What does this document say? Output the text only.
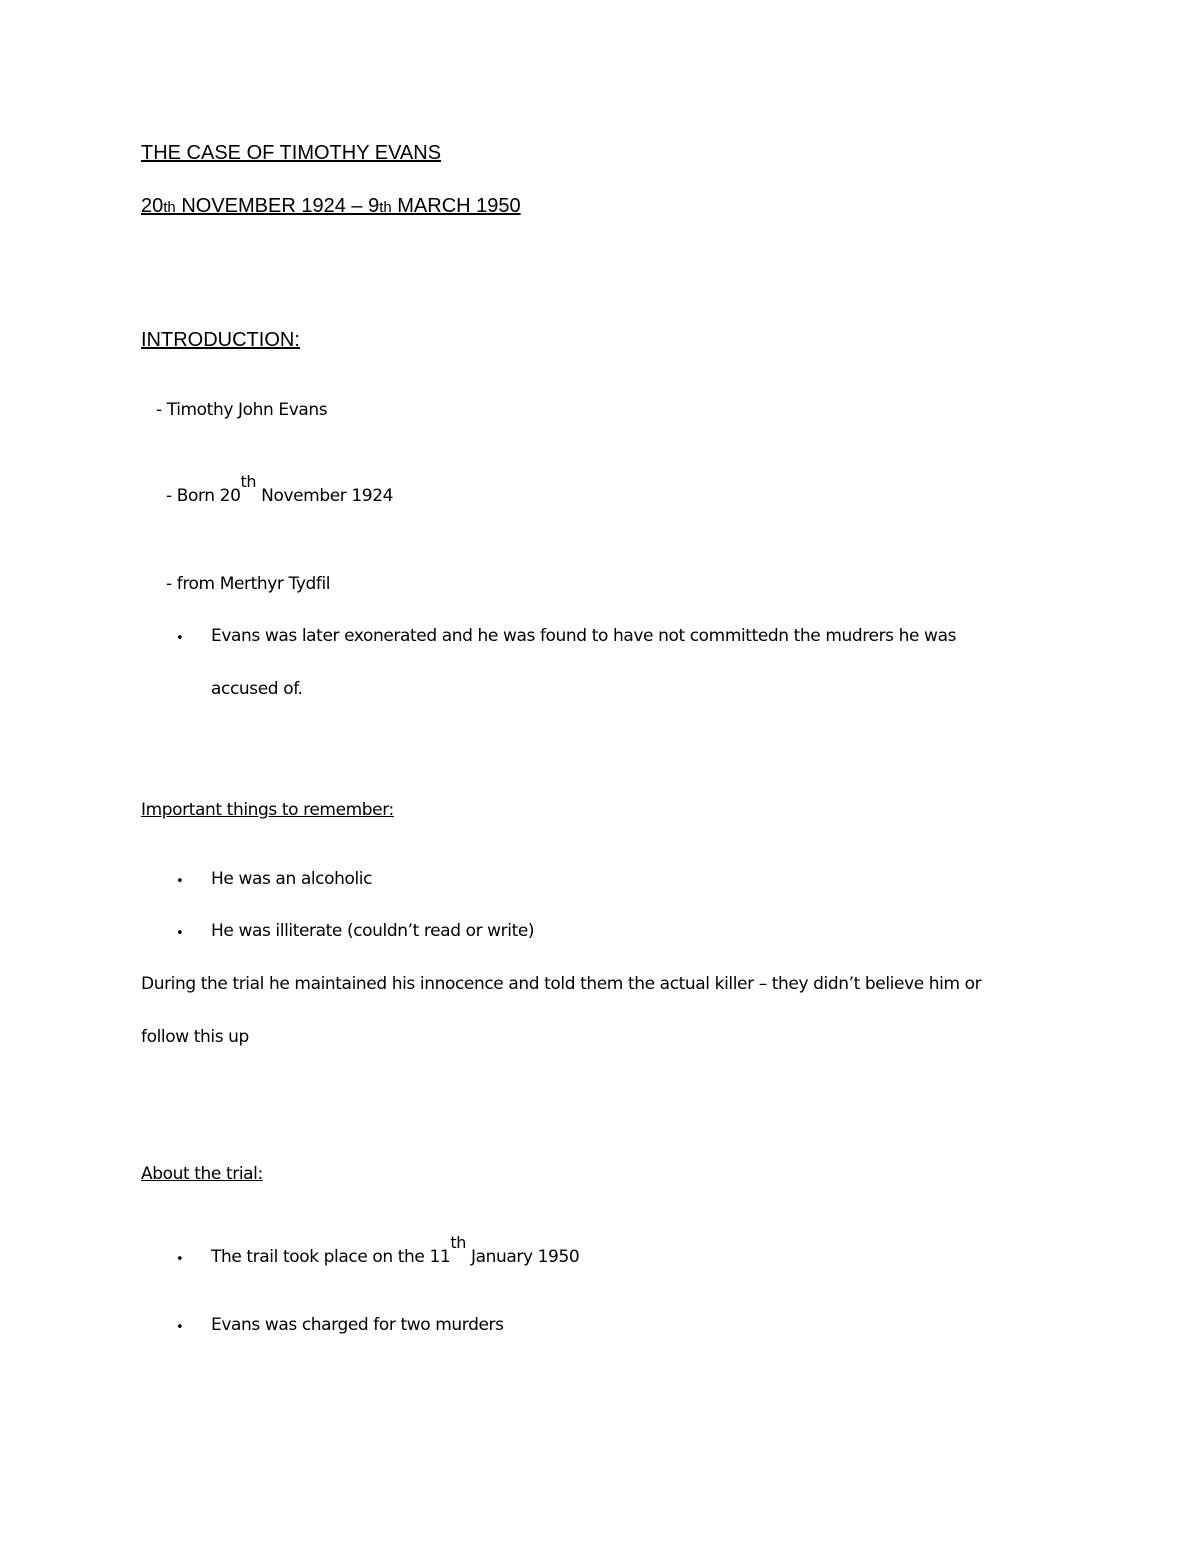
THE CASE OF TIMOTHY EVANS
20th NOVEMBER 1924 – 9th MARCH 1950
INTRODUCTION:
- Timothy John Evans
- Born 20th November 1924
- from Merthyr Tydfil
• Evans was later exonerated and he was found to have not committedn the mudrers he was
accused of.
Important things to remember:
• He was an alcoholic
• He was illiterate (couldn’t read or write)
During the trial he maintained his innocence and told them the actual killer – they didn’t believe him or
follow this up
About the trial:
• The trail took place on the 11th January 1950
• Evans was charged for two murders
